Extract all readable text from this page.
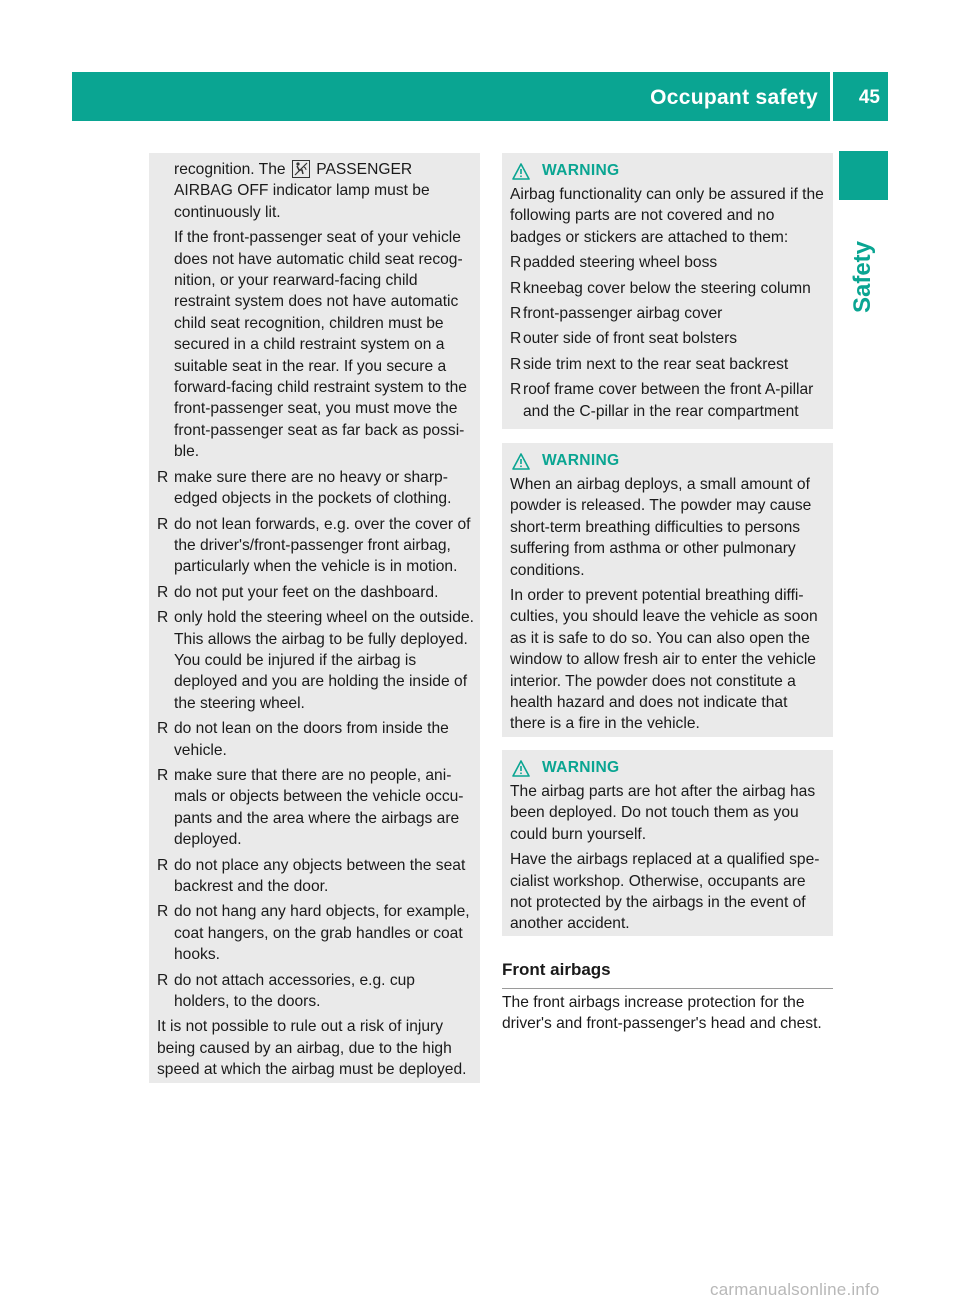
Occupant safety 45
Safety

recognition. The PASSENGER AIRBAG OFF indicator lamp must be continuously lit.

If the front-passenger seat of your vehicle does not have automatic child seat recog-nition, or your rearward-facing child restraint system does not have automatic child seat recognition, children must be secured in a child restraint system on a suitable seat in the rear. If you secure a forward-facing child restraint system to the front-passenger seat, you must move the front-passenger seat as far back as possi-ble.

R make sure there are no heavy or sharp-edged objects in the pockets of clothing.
R do not lean forwards, e.g. over the cover of the driver's/front-passenger front airbag, particularly when the vehicle is in motion.
R do not put your feet on the dashboard.
R only hold the steering wheel on the outside. This allows the airbag to be fully deployed. You could be injured if the airbag is deployed and you are holding the inside of the steering wheel.
R do not lean on the doors from inside the vehicle.
R make sure that there are no people, ani-mals or objects between the vehicle occu-pants and the area where the airbags are deployed.
R do not place any objects between the seat backrest and the door.
R do not hang any hard objects, for example, coat hangers, on the grab handles or coat hooks.
R do not attach accessories, e.g. cup holders, to the doors.

It is not possible to rule out a risk of injury being caused by an airbag, due to the high speed at which the airbag must be deployed.

WARNING

Airbag functionality can only be assured if the following parts are not covered and no badges or stickers are attached to them:

R padded steering wheel boss
R kneebag cover below the steering column
R front-passenger airbag cover
R outer side of front seat bolsters
R side trim next to the rear seat backrest
R roof frame cover between the front A-pillar and the C-pillar in the rear compartment
WARNING

When an airbag deploys, a small amount of powder is released. The powder may cause short-term breathing difficulties to persons suffering from asthma or other pulmonary conditions.

In order to prevent potential breathing diffi-culties, you should leave the vehicle as soon as it is safe to do so. You can also open the window to allow fresh air to enter the vehicle interior. The powder does not constitute a health hazard and does not indicate that there is a fire in the vehicle.

WARNING

The airbag parts are hot after the airbag has been deployed. Do not touch them as you could burn yourself.

Have the airbags replaced at a qualified spe-cialist workshop. Otherwise, occupants are not protected by the airbags in the event of another accident.

Front airbags
The front airbags increase protection for the driver's and front-passenger's head and chest.
carmanualsonline.info
